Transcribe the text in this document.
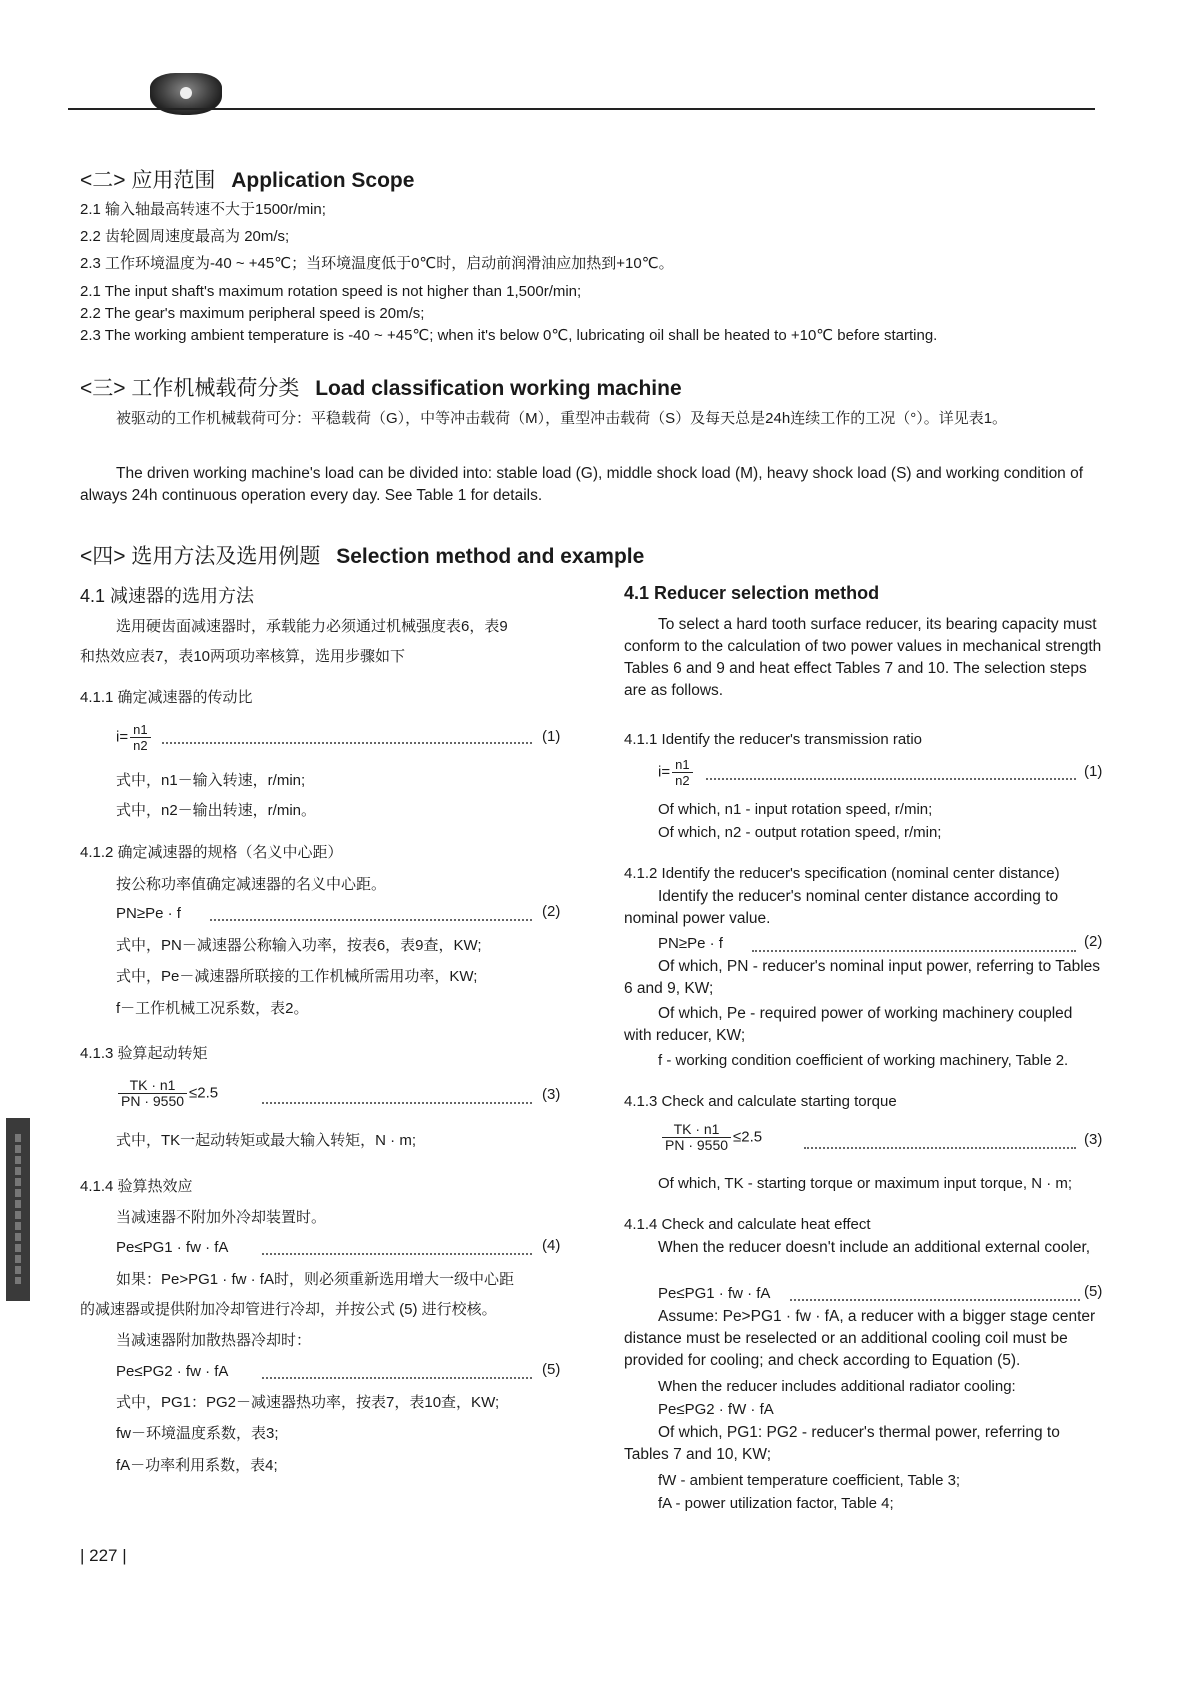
<二> 应用范围 Application Scope
2.1 输入轴最高转速不大于1500r/min;
2.2 齿轮圆周速度最高为 20m/s;
2.3 工作环境温度为-40 ~ +45℃；当环境温度低于0℃时，启动前润滑油应加热到+10℃。
2.1 The input shaft's maximum rotation speed is not higher than 1,500r/min;
2.2 The gear's maximum peripheral speed is 20m/s;
2.3 The working ambient temperature is -40 ~ +45℃; when it's below 0℃, lubricating oil shall be heated to +10℃ before starting.
<三> 工作机械载荷分类 Load classification working machine
被驱动的工作机械载荷可分：平稳载荷（G），中等冲击载荷（M），重型冲击载荷（S）及每天总是24h连续工作的工况（°）。详见表1。
The driven working machine's load can be divided into: stable load (G), middle shock load (M), heavy shock load (S) and working condition of always 24h continuous operation every day. See Table 1 for details.
<四> 选用方法及选用例题 Selection method and example
4.1 减速器的选用方法
选用硬齿面减速器时，承载能力必须通过机械强度表6，表9
和热效应表7，表10两项功率核算，选用步骤如下
4.1.1 确定减速器的传动比
$i= \frac{n1}{n2}$	(1)
式中，n1－输入转速，r/min;
式中，n2－输出转速，r/min。
4.1.2 确定减速器的规格（名义中心距）
按公称功率值确定减速器的名义中心距。
PN≥Pe · f	(2)
式中，PN－减速器公称输入功率，按表6，表9查，KW;
式中，Pe－减速器所联接的工作机械所需用功率，KW;
f－工作机械工况系数，表2。
4.1.3 验算起动转矩
$\frac{TK \cdot n1}{PN \cdot 9550} \le 2.5$	(3)
式中，TK一起动转矩或最大输入转矩，N · m;
4.1.4 验算热效应
当减速器不附加外冷却装置时。
Pe≤PG1 · fw · fA	(4)
如果：Pe>PG1 · fw · fA时，则必须重新选用增大一级中心距
的减速器或提供附加冷却管进行冷却，并按公式 (5) 进行校核。
当减速器附加散热器冷却时：
Pe≤PG2 · fw · fA	(5)
式中，PG1：PG2－减速器热功率，按表7，表10查，KW;
fw－环境温度系数，表3;
fA－功率利用系数，表4;
4.1 Reducer selection method
To select a hard tooth surface reducer, its bearing capacity must conform to the calculation of two power values in mechanical strength Tables 6 and 9 and heat effect Tables 7 and 10. The selection steps are as follows.
4.1.1 Identify the reducer's transmission ratio
$i= \frac{n1}{n2}$	(1)
Of which, n1 - input rotation speed, r/min;
Of which, n2 - output rotation speed, r/min;
4.1.2 Identify the reducer's specification (nominal center distance)
Identify the reducer's nominal center distance according to nominal power value.
PN≥Pe · f	(2)
Of which, PN - reducer's nominal input power, referring to Tables 6 and 9, KW;
Of which, Pe - required power of working machinery coupled with reducer, KW;
f - working condition coefficient of working machinery, Table 2.
4.1.3 Check and calculate starting torque
$\frac{TK \cdot n1}{PN \cdot 9550} \le 2.5$	(3)
Of which, TK - starting torque or maximum input torque, N · m;
4.1.4 Check and calculate heat effect
When the reducer doesn't include an additional external cooler,
Pe≤PG1 · fw · fA	(5)
Assume: Pe>PG1 · fw · fA, a reducer with a bigger stage center distance must be reselected or an additional cooling coil must be provided for cooling; and check according to Equation (5).
When the reducer includes additional radiator cooling:
Pe≤PG2 · fW · fA
Of which, PG1: PG2 - reducer's thermal power, referring to Tables 7 and 10, KW;
fW - ambient temperature coefficient, Table 3;
fA - power utilization factor, Table 4;
| 227 |
